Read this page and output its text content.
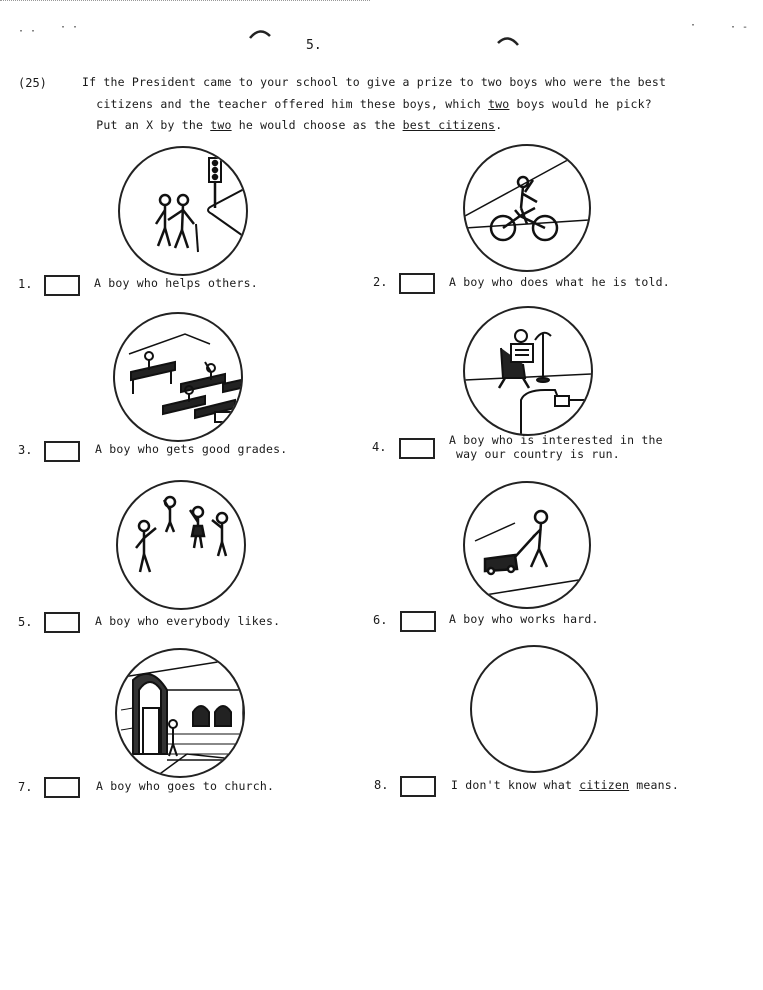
· · · ·	·	· -
5.
(25)	If the President came to your school to give a prize to two boys who were the best
citizens and the teacher offered him these boys, which two boys would he pick?
Put an X by the two he would choose as the best citizens.
1.	A boy who helps others.	2.	A boy who does what he is told.
3.	A boy who gets good grades.	4.	A boy who is interested in the
way our country is run.
5.	A boy who everybody likes.	6.	A boy who works hard.
7.	A boy who goes to church.	8.	I don't know what citizen means.
